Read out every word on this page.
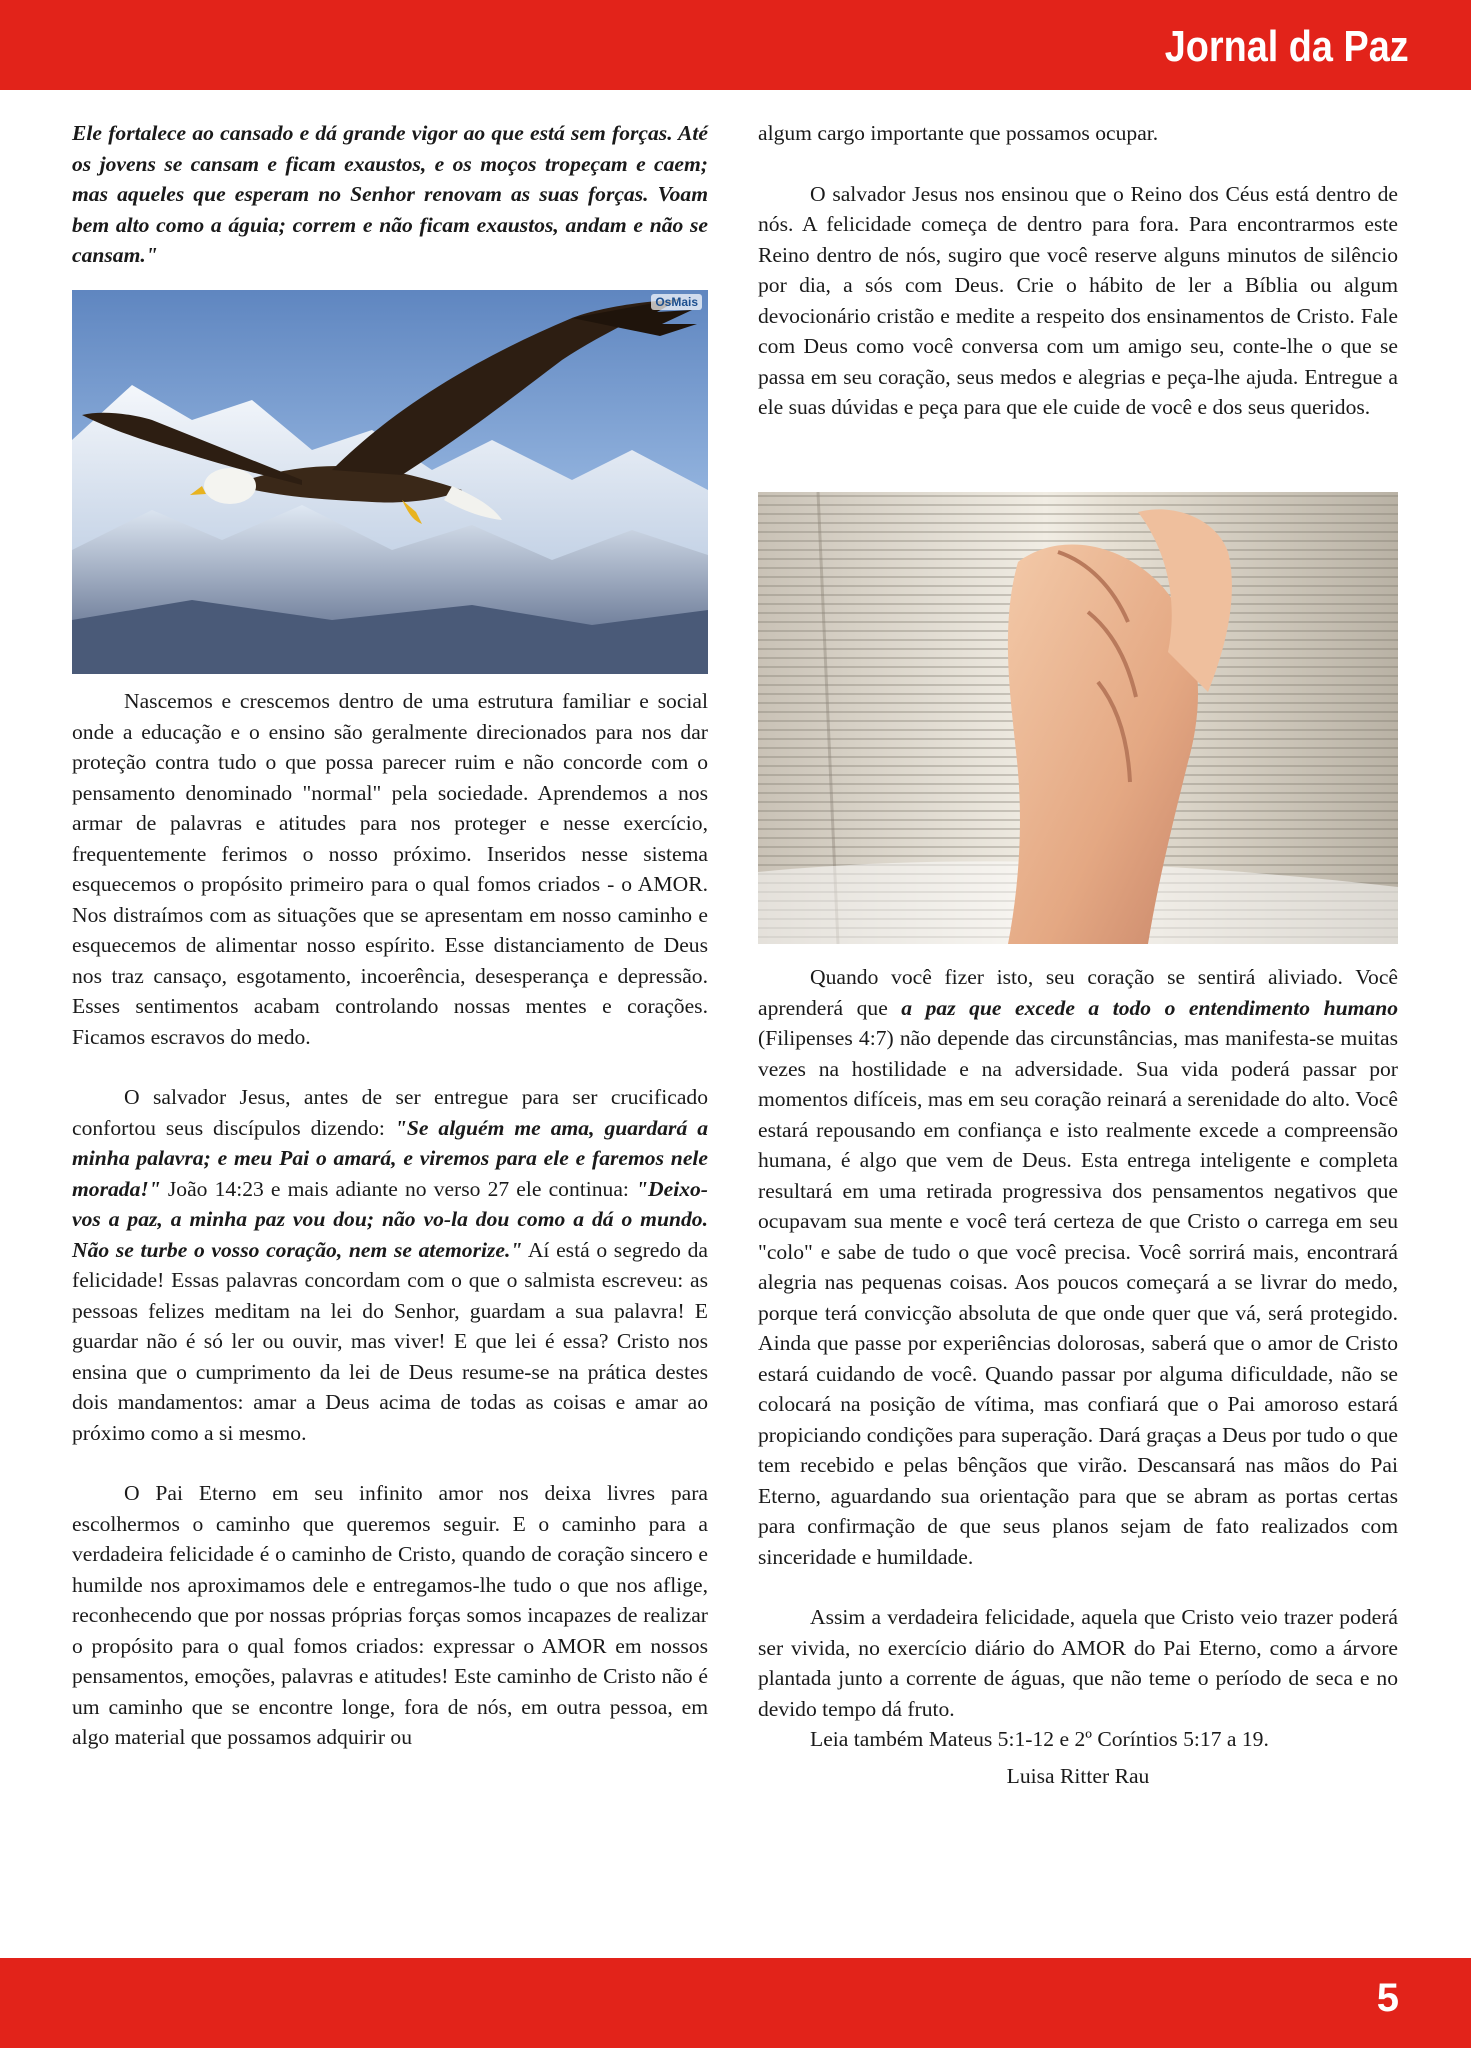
Jornal da Paz

Ele fortalece ao cansado e dá grande vigor ao que está sem forças. Até os jovens se cansam e ficam exaustos, e os moços tropeçam e caem; mas aqueles que esperam no Senhor renovam as suas forças. Voam bem alto como a águia; correm e não ficam exaustos, andam e não se cansam."

OsMais

Nascemos e crescemos dentro de uma estrutura familiar e social onde a educação e o ensino são geralmente direcionados para nos dar proteção contra tudo o que possa parecer ruim e não concorde com o pensamento denominado "normal" pela sociedade. Aprendemos a nos armar de palavras e atitudes para nos proteger e nesse exercício, frequentemente ferimos o nosso próximo. Inseridos nesse sistema esquecemos o propósito primeiro para o qual fomos criados - o AMOR. Nos distraímos com as situações que se apresentam em nosso caminho e esquecemos de alimentar nosso espírito. Esse distanciamento de Deus nos traz cansaço, esgotamento, incoerência, desesperança e depressão. Esses sentimentos acabam controlando nossas mentes e corações. Ficamos escravos do medo.

O salvador Jesus, antes de ser entregue para ser crucificado confortou seus discípulos dizendo: "Se alguém me ama, guardará a minha palavra; e meu Pai o amará, e viremos para ele e faremos nele morada!" João 14:23 e mais adiante no verso 27 ele continua: "Deixo-vos a paz, a minha paz vou dou; não vo-la dou como a dá o mundo. Não se turbe o vosso coração, nem se atemorize." Aí está o segredo da felicidade! Essas palavras concordam com o que o salmista escreveu: as pessoas felizes meditam na lei do Senhor, guardam a sua palavra! E guardar não é só ler ou ouvir, mas viver! E que lei é essa? Cristo nos ensina que o cumprimento da lei de Deus resume-se na prática destes dois mandamentos: amar a Deus acima de todas as coisas e amar ao próximo como a si mesmo.

O Pai Eterno em seu infinito amor nos deixa livres para escolhermos o caminho que queremos seguir. E o caminho para a verdadeira felicidade é o caminho de Cristo, quando de coração sincero e humilde nos aproximamos dele e entregamos-lhe tudo o que nos aflige, reconhecendo que por nossas próprias forças somos incapazes de realizar o propósito para o qual fomos criados: expressar o AMOR em nossos pensamentos, emoções, palavras e atitudes! Este caminho de Cristo não é um caminho que se encontre longe, fora de nós, em outra pessoa, em algo material que possamos adquirir ou

algum cargo importante que possamos ocupar.

O salvador Jesus nos ensinou que o Reino dos Céus está dentro de nós. A felicidade começa de dentro para fora. Para encontrarmos este Reino dentro de nós, sugiro que você reserve alguns minutos de silêncio por dia, a sós com Deus. Crie o hábito de ler a Bíblia ou algum devocionário cristão e medite a respeito dos ensinamentos de Cristo. Fale com Deus como você conversa com um amigo seu, conte-lhe o que se passa em seu coração, seus medos e alegrias e peça-lhe ajuda. Entregue a ele suas dúvidas e peça para que ele cuide de você e dos seus queridos.

Quando você fizer isto, seu coração se sentirá aliviado. Você aprenderá que a paz que excede a todo o entendimento humano (Filipenses 4:7) não depende das circunstâncias, mas manifesta-se muitas vezes na hostilidade e na adversidade. Sua vida poderá passar por momentos difíceis, mas em seu coração reinará a serenidade do alto. Você estará repousando em confiança e isto realmente excede a compreensão humana, é algo que vem de Deus. Esta entrega inteligente e completa resultará em uma retirada progressiva dos pensamentos negativos que ocupavam sua mente e você terá certeza de que Cristo o carrega em seu "colo" e sabe de tudo o que você precisa. Você sorrirá mais, encontrará alegria nas pequenas coisas. Aos poucos começará a se livrar do medo, porque terá convicção absoluta de que onde quer que vá, será protegido. Ainda que passe por experiências dolorosas, saberá que o amor de Cristo estará cuidando de você. Quando passar por alguma dificuldade, não se colocará na posição de vítima, mas confiará que o Pai amoroso estará propiciando condições para superação. Dará graças a Deus por tudo o que tem recebido e pelas bênçãos que virão. Descansará nas mãos do Pai Eterno, aguardando sua orientação para que se abram as portas certas para confirmação de que seus planos sejam de fato realizados com sinceridade e humildade.

Assim a verdadeira felicidade, aquela que Cristo veio trazer poderá ser vivida, no exercício diário do AMOR do Pai Eterno, como a árvore plantada junto a corrente de águas, que não teme o período de seca e no devido tempo dá fruto.

Leia também Mateus 5:1-12 e 2º Coríntios 5:17 a 19.

Luisa Ritter Rau

5
